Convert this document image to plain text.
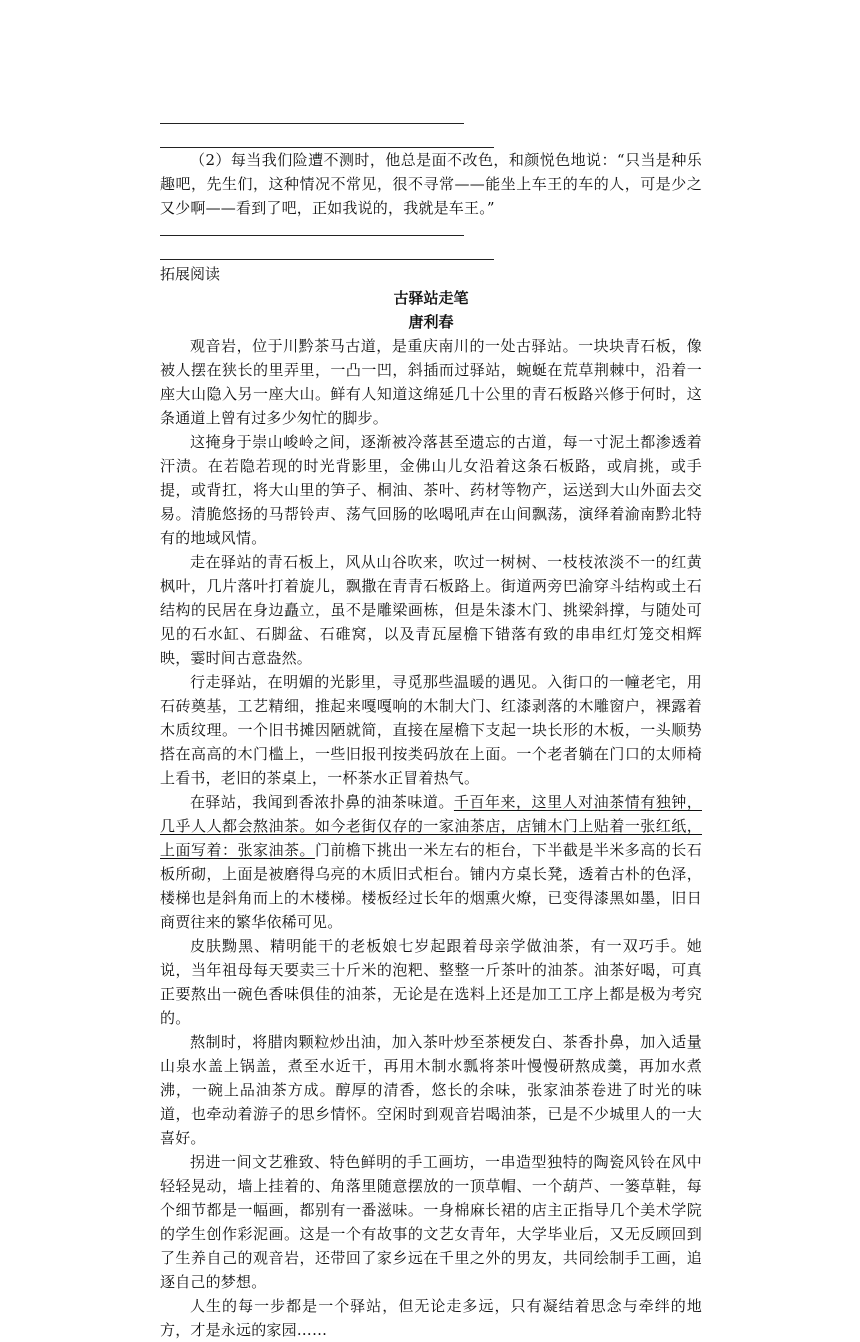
（2）每当我们险遭不测时，他总是面不改色，和颜悦色地说：“只当是种乐趣吧，先生们，这种情况不常见，很不寻常——能坐上车王的车的人，可是少之又少啊——看到了吧，正如我说的，我就是车王。”

拓展阅读
古驿站走笔
唐利春

观音岩，位于川黔茶马古道，是重庆南川的一处古驿站。一块块青石板，像被人摆在狭长的里弄里，一凸一凹，斜插而过驿站，蜿蜒在荒草荆棘中，沿着一座大山隐入另一座大山。鲜有人知道这绵延几十公里的青石板路兴修于何时，这条通道上曾有过多少匆忙的脚步。

这掩身于崇山峻岭之间，逐渐被冷落甚至遗忘的古道，每一寸泥土都渗透着汗渍。在若隐若现的时光背影里，金佛山儿女沿着这条石板路，或肩挑，或手提，或背扛，将大山里的笋子、桐油、茶叶、药材等物产，运送到大山外面去交易。清脆悠扬的马帮铃声、荡气回肠的吆喝吼声在山间飘荡，演绎着渝南黔北特有的地域风情。

走在驿站的青石板上，风从山谷吹来，吹过一树树、一枝枝浓淡不一的红黄枫叶，几片落叶打着旋儿，飘撒在青青石板路上。街道两旁巴渝穿斗结构或土石结构的民居在身边矗立，虽不是雕梁画栋，但是朱漆木门、挑梁斜撑，与随处可见的石水缸、石脚盆、石碓窝，以及青瓦屋檐下错落有致的串串红灯笼交相辉映，霎时间古意盎然。

行走驿站，在明媚的光影里，寻觅那些温暖的遇见。入街口的一幢老宅，用石砖奠基，工艺精细，推起来嘎嘎响的木制大门、红漆剥落的木雕窗户，裸露着木质纹理。一个旧书摊因陋就简，直接在屋檐下支起一块长形的木板，一头顺势搭在高高的木门槛上，一些旧报刊按类码放在上面。一个老者躺在门口的太师椅上看书，老旧的茶桌上，一杯茶水正冒着热气。

在驿站，我闻到香浓扑鼻的油茶味道。千百年来，这里人对油茶情有独钟，几乎人人都会熬油茶。如今老街仅存的一家油茶店，店铺木门上贴着一张红纸，上面写着：张家油茶。门前檐下挑出一米左右的柜台，下半截是半米多高的长石板所砌，上面是被磨得乌亮的木质旧式柜台。铺内方桌长凳，透着古朴的色泽，楼梯也是斜角而上的木楼梯。楼板经过长年的烟熏火燎，已变得漆黑如墨，旧日商贾往来的繁华依稀可见。

皮肤黝黑、精明能干的老板娘七岁起跟着母亲学做油茶，有一双巧手。她说，当年祖母每天要卖三十斤米的泡粑、整整一斤茶叶的油茶。油茶好喝，可真正要熬出一碗色香味俱佳的油茶，无论是在选料上还是加工工序上都是极为考究的。

熬制时，将腊肉颗粒炒出油，加入茶叶炒至茶梗发白、茶香扑鼻，加入适量山泉水盖上锅盖，煮至水近干，再用木制水瓢将茶叶慢慢研熬成羹，再加水煮沸，一碗上品油茶方成。醇厚的清香，悠长的余味，张家油茶卷进了时光的味道，也牵动着游子的思乡情怀。空闲时到观音岩喝油茶，已是不少城里人的一大喜好。

拐进一间文艺雅致、特色鲜明的手工画坊，一串造型独特的陶瓷风铃在风中轻轻晃动，墙上挂着的、角落里随意摆放的一顶草帽、一个葫芦、一篓草鞋，每个细节都是一幅画，都别有一番滋味。一身棉麻长裙的店主正指导几个美术学院的学生创作彩泥画。这是一个有故事的文艺女青年，大学毕业后，又无反顾回到了生养自己的观音岩，还带回了家乡远在千里之外的男友，共同绘制手工画，追逐自己的梦想。

人生的每一步都是一个驿站，但无论走多远，只有凝结着思念与牵绊的地方，才是永远的家园……
